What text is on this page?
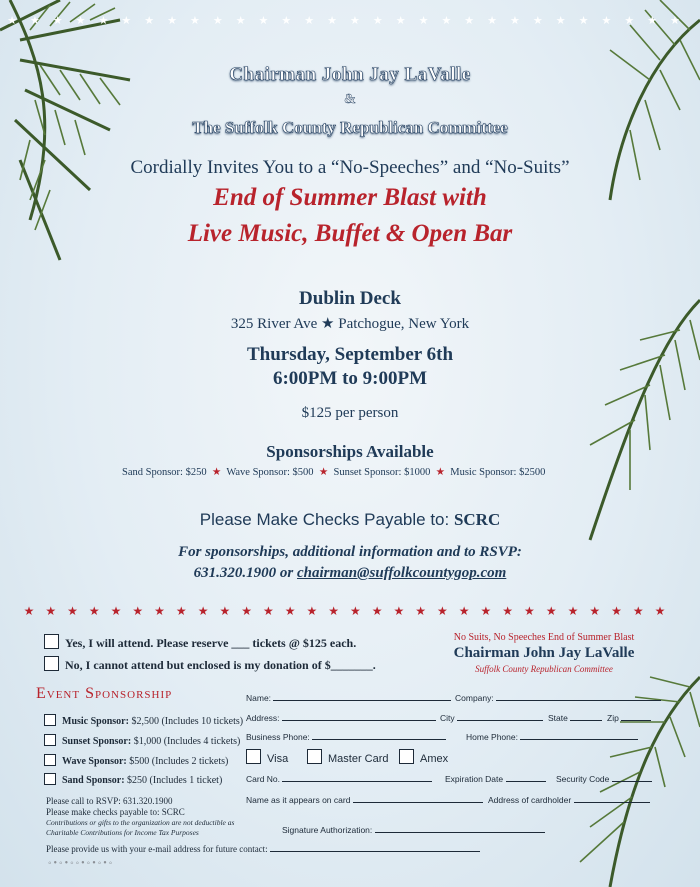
★★★★★★★★★★★★★★★★★★★★★★★★★★★★★★
Chairman John Jay LaValle
&
The Suffolk County Republican Committee
Cordially Invites You to a “No-Speeches” and “No-Suits”
End of Summer Blast with
Live Music, Buffet & Open Bar
Dublin Deck
325 River Ave ★ Patchogue, New York
Thursday, September 6th
6:00PM to 9:00PM
$125 per person
Sponsorships Available
Sand Sponsor: $250  ★  Wave Sponsor: $500  ★  Sunset Sponsor: $1000  ★  Music Sponsor: $2500
Please Make Checks Payable to: SCRC
For sponsorships, additional information and to RSVP:
631.320.1900 or chairman@suffolkcountygop.com
★★★★★★★★★★★★★★★★★★★★★★★★★★★★★★
Yes, I will attend. Please reserve ___ tickets @ $125 each.
No, I cannot attend but enclosed is my donation of $_______.
No Suits, No Speeches End of Summer Blast
Chairman John Jay LaValle
Suffolk County Republican Committee
Event Sponsorship
Music Sponsor: $2,500 (Includes 10 tickets)
Sunset Sponsor: $1,000 (Includes 4 tickets)
Wave Sponsor: $500 (Includes 2 tickets)
Sand Sponsor: $250 (Includes 1 ticket)
Please call to RSVP: 631.320.1900
Please make checks payable to: SCRC
Contributions or gifts to the organization are not deductible as
Charitable Contributions for Income Tax Purposes
Please provide us with your e-mail address for future contact:
◦•◦•◦◦•◦•◦•◦
Name:	Company:
Address:	City	State	Zip
Business Phone:	Home Phone:
Visa	Master Card	Amex
Card No.	Expiration Date	Security Code
Name as it appears on card	Address of cardholder
Signature Authorization:
